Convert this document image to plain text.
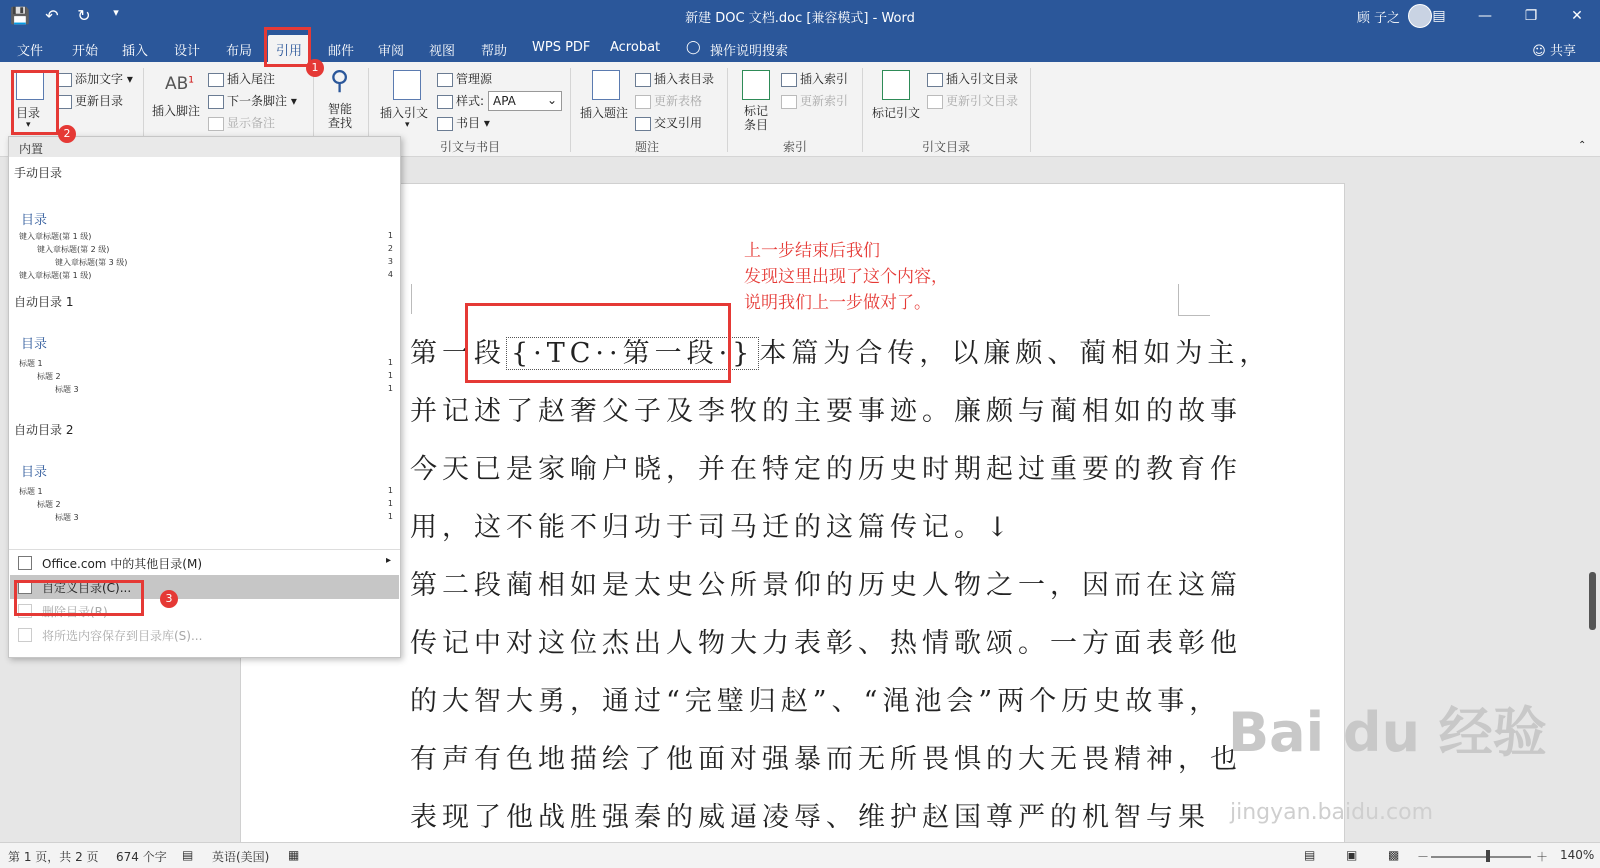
💾 ↶ ↻	▾	新建 DOC 文档.doc [兼容模式] - Word	顾 子之	▤	—	❐	✕
文件 开始 插入 设计 布局	引用	邮件 审阅 视图 帮助 WPS PDF Acrobat ◯ 操作说明搜索	☺ 共享
目录
▾
添加文字 ▾
更新目录
$AB^1$
插入脚注
插入尾注
下一条脚注 ▾
显示备注
⚲
智能
查找
插入引文
▾
管理源
样式: APA	⌄
书目 ▾
引文与书目
插入题注
插入表目录
更新表格
交叉引用
题注
标记
条目
插入索引
更新索引
索引
标记引文
插入引文目录
更新引文目录
引文目录	⌃
上一步结束后我们
发现这里出现了这个内容，
说明我们上一步做对了。

第一段 {·TC··第一段·} 本篇为合传，以廉颇、蔺相如为主，

并记述了赵奢父子及李牧的主要事迹。廉颇与蔺相如的故事

今天已是家喻户晓，并在特定的历史时期起过重要的教育作

用，这不能不归功于司马迁的这篇传记。↓

第二段蔺相如是太史公所景仰的历史人物之一，因而在这篇

传记中对这位杰出人物大力表彰、热情歌颂。一方面表彰他

的大智大勇，通过“完璧归赵”、“渑池会”两个历史故事，

有声有色地描绘了他面对强暴而无所畏惧的大无畏精神，也

表现了他战胜强秦的威逼凌辱、维护赵国尊严的机智与果

内置
手动目录
目录
键入章标题(第 1 级)	1
键入章标题(第 2 级)	2
键入章标题(第 3 级)	3
键入章标题(第 1 级)	4
自动目录 1
目录
标题 1	1
标题 2	1
标题 3	1
自动目录 2
目录
标题 1	1
标题 2	1
标题 3	1
Office.com 中的其他目录(M)	▸
自定义目录(C)...
删除目录(R)
将所选内容保存到目录库(S)...
1
2
3
Bai du 经验
jingyan.baidu.com
第 1 页，共 2 页 674 个字 ▤ 英语(美国) ▦	▤	▣	▩ －	＋ 140%
